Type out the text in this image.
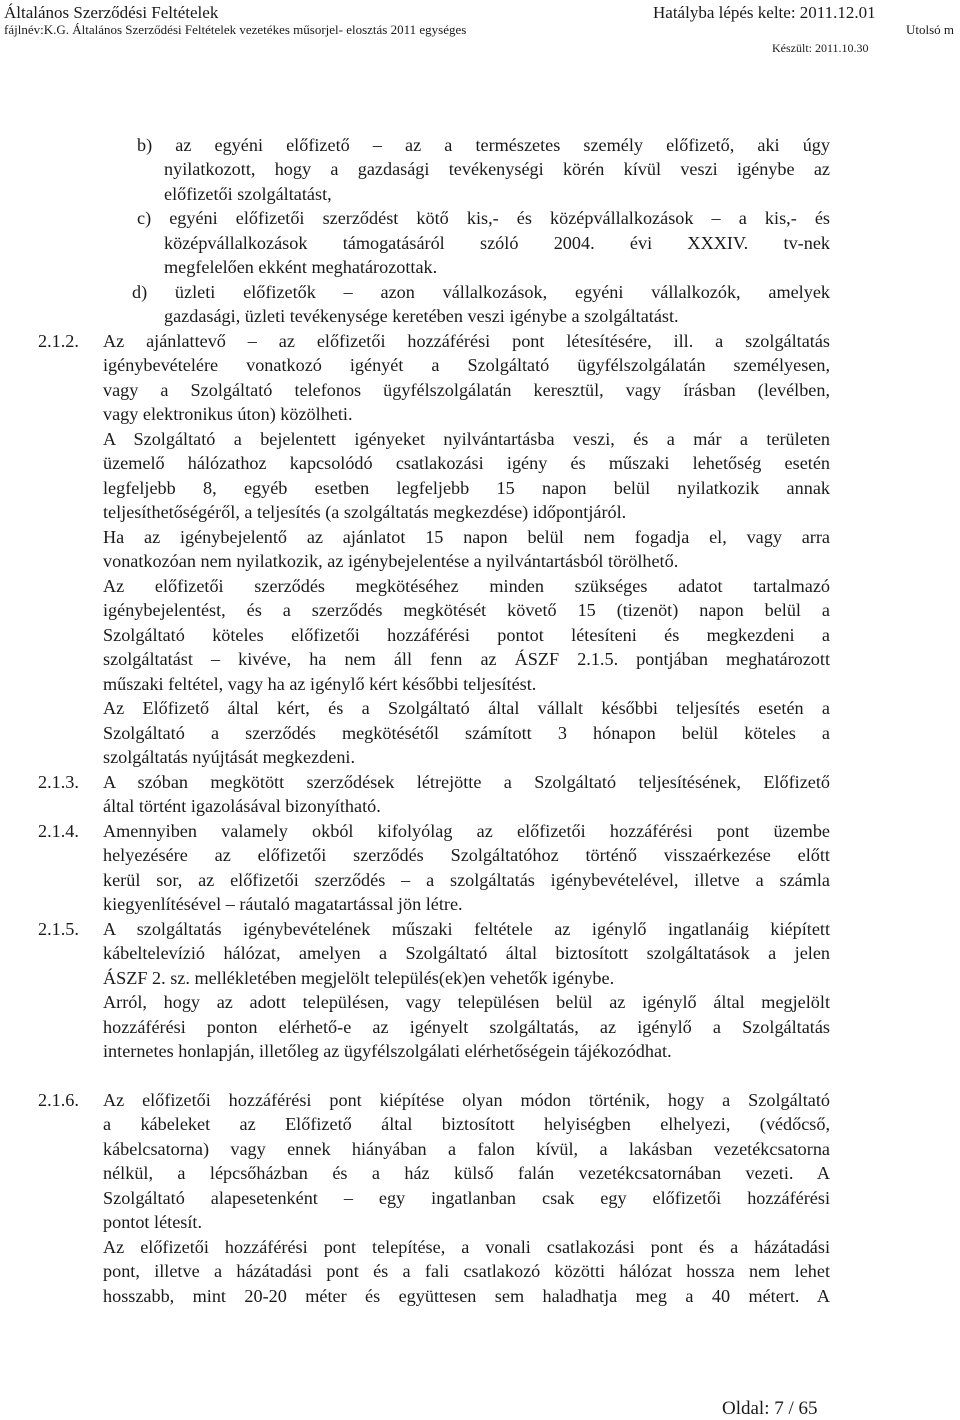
Általános Szerződési Feltételek
fájlnév:K.G. Általános Szerződési Feltételek vezetékes műsorjel- elosztás 2011 egységes
Hatályba lépés kelte: 2011.12.01
Utolsó m
Készült: 2011.10.30
b) az egyéni előfizető – az a természetes személy előfizető, aki úgy
nyilatkozott, hogy a gazdasági tevékenységi körén kívül veszi igénybe az
előfizetői szolgáltatást,
c) egyéni előfizetői szerződést kötő kis,- és középvállalkozások – a kis,- és
középvállalkozások támogatásáról szóló 2004. évi XXXIV. tv-nek
megfelelően ekként meghatározottak.
d) üzleti előfizetők – azon vállalkozások, egyéni vállalkozók, amelyek
gazdasági, üzleti tevékenysége keretében veszi igénybe a szolgáltatást.
2.1.2. Az ajánlattevő – az előfizetői hozzáférési pont létesítésére, ill. a szolgáltatás
igénybevételére vonatkozó igényét a Szolgáltató ügyfélszolgálatán személyesen,
vagy a Szolgáltató telefonos ügyfélszolgálatán keresztül, vagy írásban (levélben,
vagy elektronikus úton) közölheti.
A Szolgáltató a bejelentett igényeket nyilvántartásba veszi, és a már a területen
üzemelő hálózathoz kapcsolódó csatlakozási igény és műszaki lehetőség esetén
legfeljebb 8, egyéb esetben legfeljebb 15 napon belül nyilatkozik annak
teljesíthetőségéről, a teljesítés (a szolgáltatás megkezdése) időpontjáról.
Ha az igénybejelentő az ajánlatot 15 napon belül nem fogadja el, vagy arra
vonatkozóan nem nyilatkozik, az igénybejelentése a nyilvántartásból törölhető.
Az előfizetői szerződés megkötéséhez minden szükséges adatot tartalmazó
igénybejelentést, és a szerződés megkötését követő 15 (tizenöt) napon belül a
Szolgáltató köteles előfizetői hozzáférési pontot létesíteni és megkezdeni a
szolgáltatást – kivéve, ha nem áll fenn az ÁSZF 2.1.5. pontjában meghatározott
műszaki feltétel, vagy ha az igénylő kért későbbi teljesítést.
Az Előfizető által kért, és a Szolgáltató által vállalt későbbi teljesítés esetén a
Szolgáltató a szerződés megkötésétől számított 3 hónapon belül köteles a
szolgáltatás nyújtását megkezdeni.
2.1.3. A szóban megkötött szerződések létrejötte a Szolgáltató teljesítésének, Előfizető
által történt igazolásával bizonyítható.
2.1.4. Amennyiben valamely okból kifolyólag az előfizetői hozzáférési pont üzembe
helyezésére az előfizetői szerződés Szolgáltatóhoz történő visszaérkezése előtt
kerül sor, az előfizetői szerződés – a szolgáltatás igénybevételével, illetve a számla
kiegyenlítésével – ráutaló magatartással jön létre.
2.1.5. A szolgáltatás igénybevételének műszaki feltétele az igénylő ingatlanáig kiépített
kábeltelevízió hálózat, amelyen a Szolgáltató által biztosított szolgáltatások a jelen
ÁSZF 2. sz. mellékletében megjelölt település(ek)en vehetők igénybe.
Arról, hogy az adott településen, vagy településen belül az igénylő által megjelölt
hozzáférési ponton elérhető-e az igényelt szolgáltatás, az igénylő a Szolgáltatás
internetes honlapján, illetőleg az ügyfélszolgálati elérhetőségein tájékozódhat.
2.1.6. Az előfizetői hozzáférési pont kiépítése olyan módon történik, hogy a Szolgáltató
a kábeleket az Előfizető által biztosított helyiségben elhelyezi, (védőcső,
kábelcsatorna) vagy ennek hiányában a falon kívül, a lakásban vezetékcsatorna
nélkül, a lépcsőházban és a ház külső falán vezetékcsatornában vezeti. A
Szolgáltató alapesetenként – egy ingatlanban csak egy előfizetői hozzáférési
pontot létesít.
Az előfizetői hozzáférési pont telepítése, a vonali csatlakozási pont és a házátadási
pont, illetve a házátadási pont és a fali csatlakozó közötti hálózat hossza nem lehet
hosszabb, mint 20-20 méter és együttesen sem haladhatja meg a 40 métert. A
Oldal: 7 / 65
